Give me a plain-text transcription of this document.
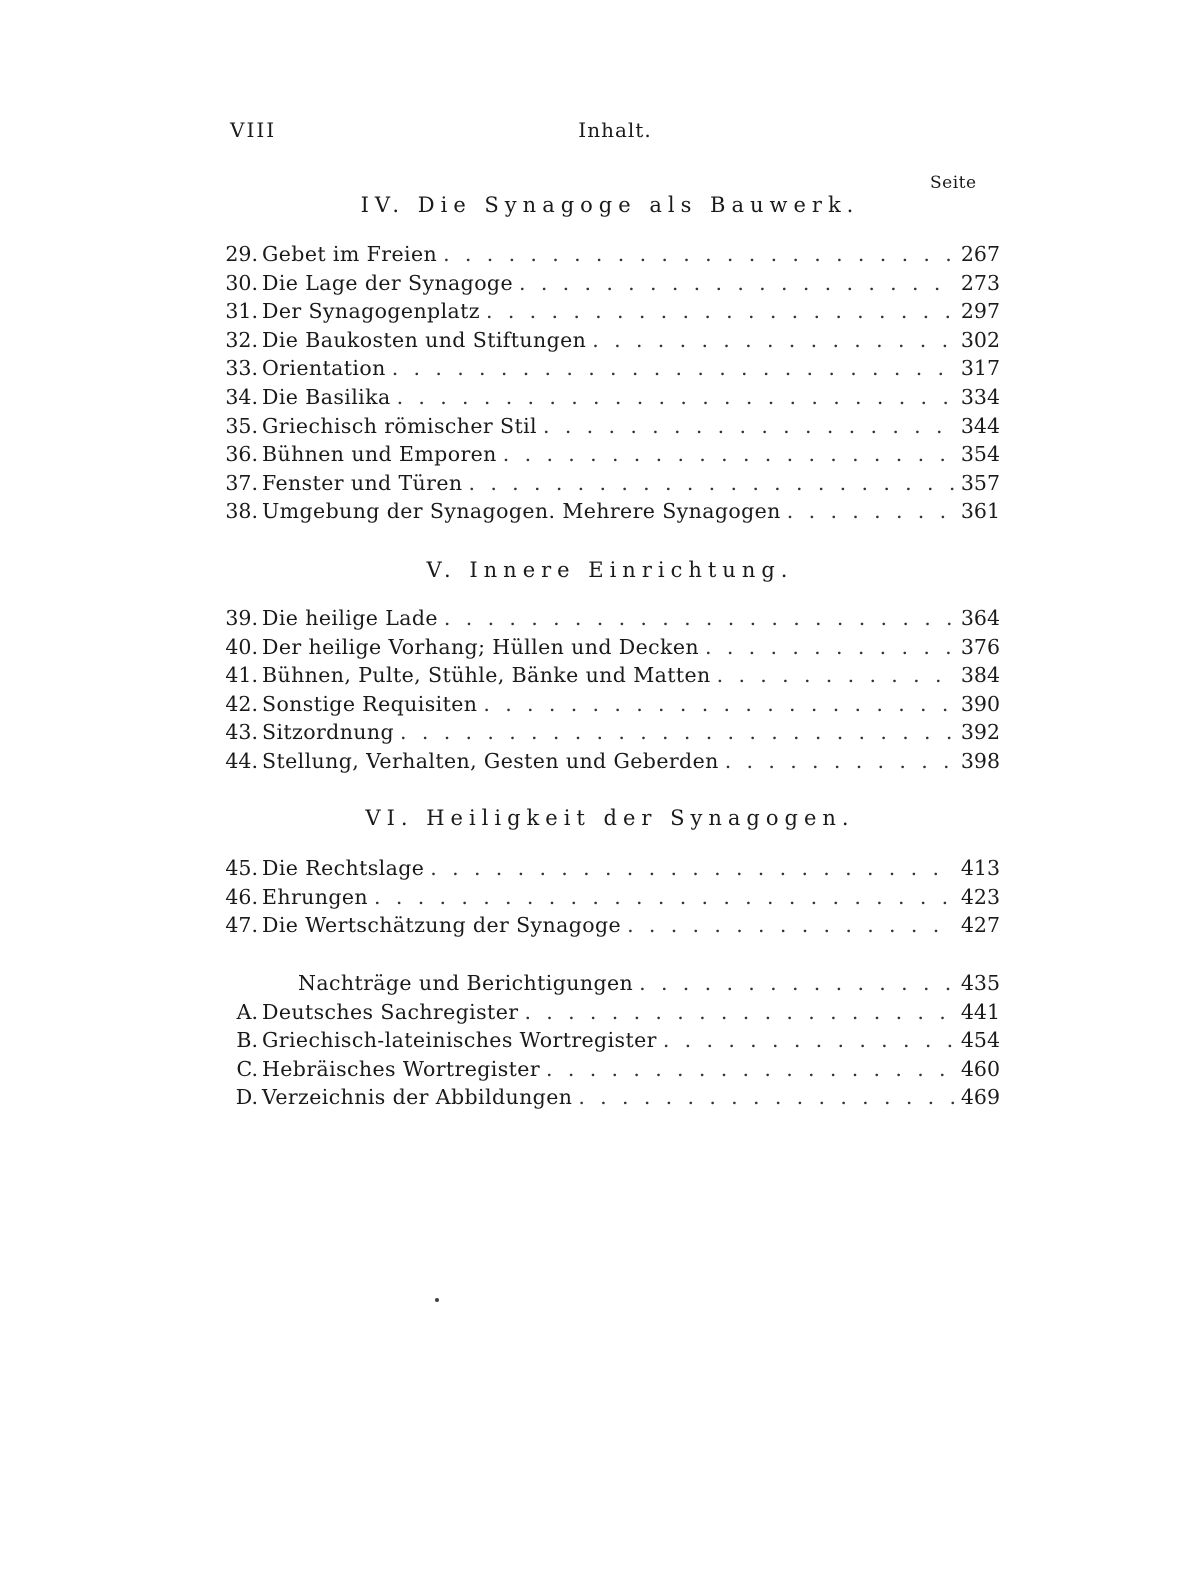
VIII	Inhalt.
Seite
IV. Die Synagoge als Bauwerk.
29. Gebet im Freien . . .	267
30. Die Lage der Synagoge . . .	273
31. Der Synagogenplatz . . .	297
32. Die Baukosten und Stiftungen . . .	302
33. Orientation . . .	317
34. Die Basilika . . .	334
35. Griechisch römischer Stil . . .	344
36. Bühnen und Emporen . . .	354
37. Fenster und Türen . . .	357
38. Umgebung der Synagogen. Mehrere Synagogen . . .	361
V. Innere Einrichtung.
39. Die heilige Lade . . .	364
40. Der heilige Vorhang; Hüllen und Decken . . .	376
41. Bühnen, Pulte, Stühle, Bänke und Matten . . .	384
42. Sonstige Requisiten . . .	390
43. Sitzordnung . . .	392
44. Stellung, Verhalten, Gesten und Geberden . . .	398
VI. Heiligkeit der Synagogen.
45. Die Rechtslage . . .	413
46. Ehrungen . . .	423
47. Die Wertschätzung der Synagoge . . .	427
Nachträge und Berichtigungen . . .	435
A. Deutsches Sachregister . . .	441
B. Griechisch-lateinisches Wortregister . . .	454
C. Hebräisches Wortregister . . .	460
D. Verzeichnis der Abbildungen . . .	469
